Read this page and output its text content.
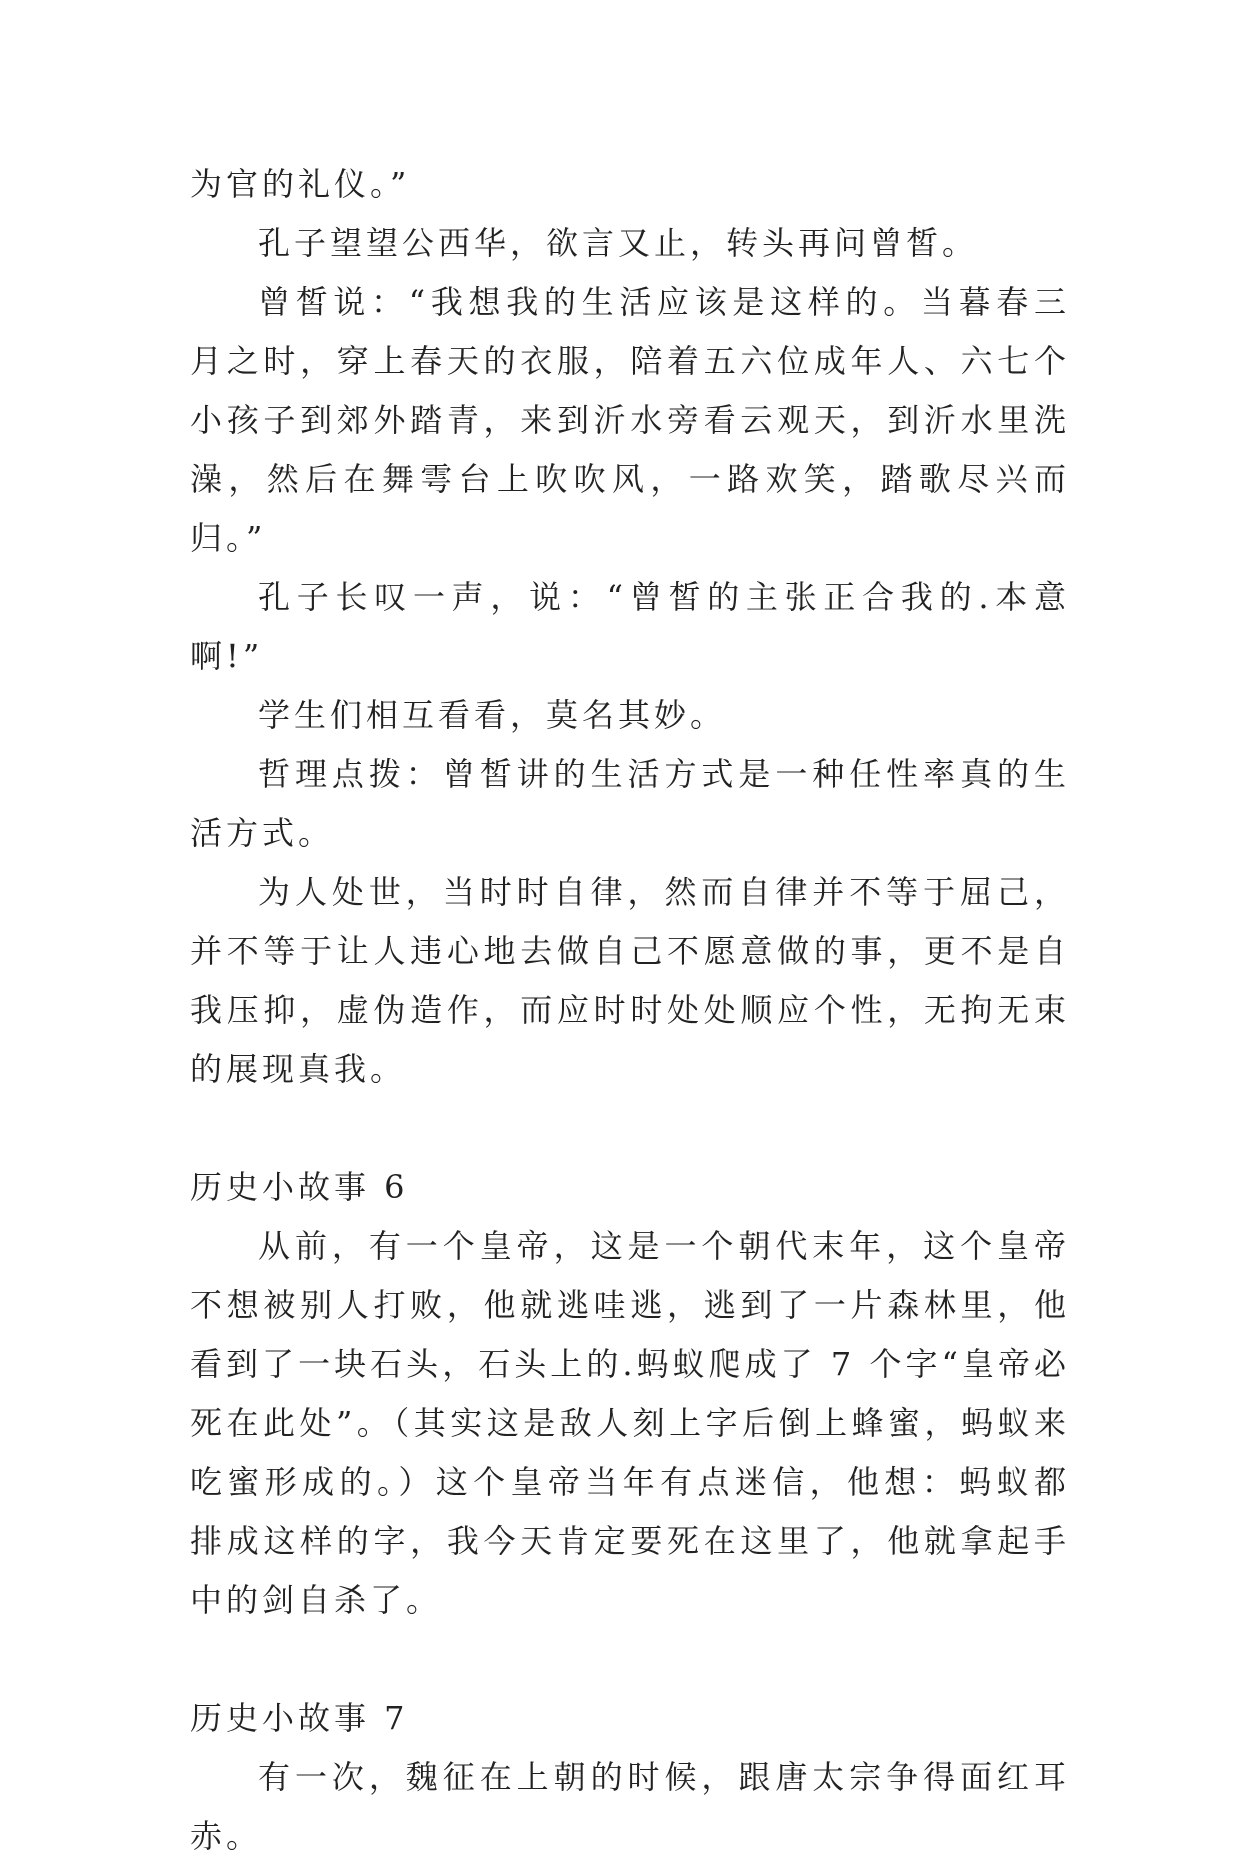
为官的礼仪。”

孔子望望公西华，欲言又止，转头再问曾皙。

曾皙说：“我想我的生活应该是这样的。当暮春三月之时，穿上春天的衣服，陪着五六位成年人、六七个小孩子到郊外踏青，来到沂水旁看云观天，到沂水里洗澡，然后在舞雩台上吹吹风，一路欢笑，踏歌尽兴而归。”

孔子长叹一声，说：“曾皙的主张正合我的.本意啊!”

学生们相互看看，莫名其妙。

哲理点拨：曾皙讲的生活方式是一种任性率真的生活方式。

为人处世，当时时自律，然而自律并不等于屈己，并不等于让人违心地去做自己不愿意做的事，更不是自我压抑，虚伪造作，而应时时处处顺应个性，无拘无束的展现真我。

历史小故事 6

从前，有一个皇帝，这是一个朝代末年，这个皇帝不想被别人打败，他就逃哇逃，逃到了一片森林里，他看到了一块石头，石头上的.蚂蚁爬成了 7 个字“皇帝必死在此处”。（其实这是敌人刻上字后倒上蜂蜜，蚂蚁来吃蜜形成的。）这个皇帝当年有点迷信，他想：蚂蚁都排成这样的字，我今天肯定要死在这里了，他就拿起手中的剑自杀了。

历史小故事 7

有一次，魏征在上朝的时候，跟唐太宗争得面红耳赤。
